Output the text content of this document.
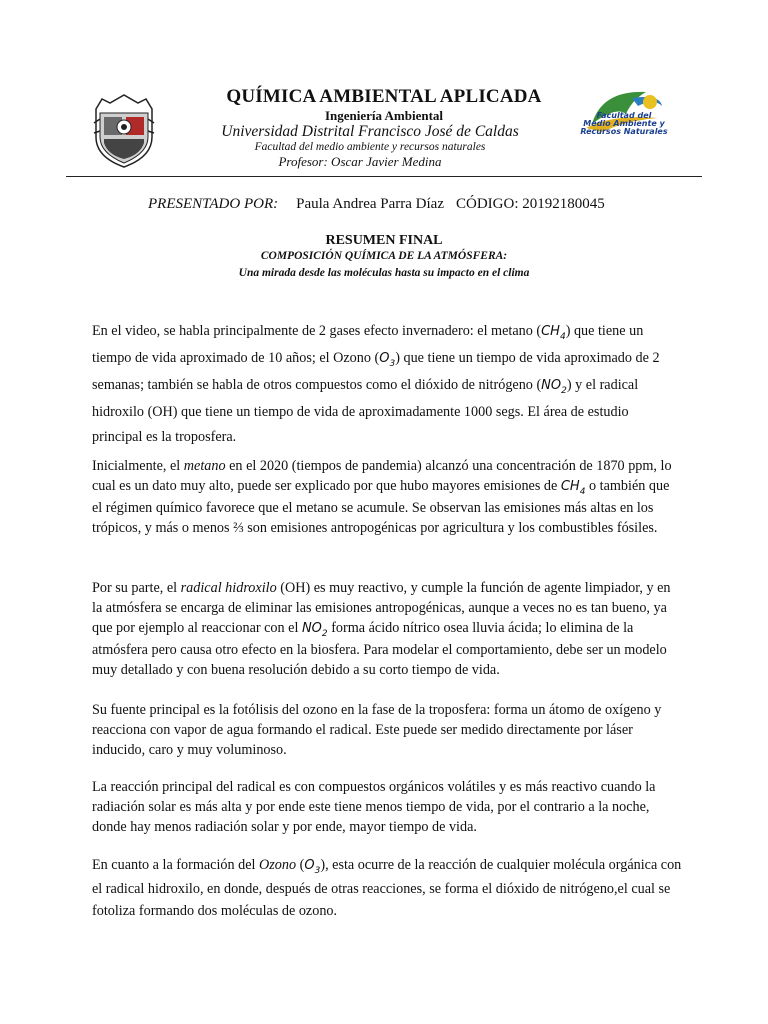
Facultad del
Medio Ambiente y
Recursos Naturales
QUÍMICA AMBIENTAL APLICADA
Ingeniería Ambiental
Universidad Distrital Francisco José de Caldas
Facultad del medio ambiente y recursos naturales
Profesor: Oscar Javier Medina
PRESENTADO POR: Paula Andrea Parra Díaz CÓDIGO: 20192180045
RESUMEN FINAL
COMPOSICIÓN QUÍMICA DE LA ATMÓSFERA:
Una mirada desde las moléculas hasta su impacto en el clima
En el video, se habla principalmente de 2 gases efecto invernadero: el metano $(CH_4)$ que tiene un tiempo de vida aproximado de 10 años; el Ozono $(O_3)$ que tiene un tiempo de vida aproximado de 2 semanas; también se habla de otros compuestos como el dióxido de nitrógeno $(NO_2)$ y el radical hidroxilo (OH) que tiene un tiempo de vida de aproximadamente 1000 segs. El área de estudio principal es la troposfera.
Inicialmente, el metano en el 2020 (tiempos de pandemia) alcanzó una concentración de 1870 ppm, lo cual es un dato muy alto, puede ser explicado por que hubo mayores emisiones de $CH_4$ o también que el régimen químico favorece que el metano se acumule. Se observan las emisiones más altas en los trópicos, y más o menos ⅔ son emisiones antropogénicas por agricultura y los combustibles fósiles.
Por su parte, el radical hidroxilo (OH) es muy reactivo, y cumple la función de agente limpiador, y en la atmósfera se encarga de eliminar las emisiones antropogénicas, aunque a veces no es tan bueno, ya que por ejemplo al reaccionar con el $NO_2$ forma ácido nítrico osea lluvia ácida; lo elimina de la atmósfera pero causa otro efecto en la biosfera. Para modelar el comportamiento, debe ser un modelo muy detallado y con buena resolución debido a su corto tiempo de vida.
Su fuente principal es la fotólisis del ozono en la fase de la troposfera: forma un átomo de oxígeno y reacciona con vapor de agua formando el radical. Este puede ser medido directamente por láser inducido, caro y muy voluminoso.
La reacción principal del radical es con compuestos orgánicos volátiles y es más reactivo cuando la radiación solar es más alta y por ende este tiene menos tiempo de vida, por el contrario a la noche, donde hay menos radiación solar y por ende, mayor tiempo de vida.
En cuanto a la formación del Ozono $(O_3)$, esta ocurre de la reacción de cualquier molécula orgánica con el radical hidroxilo, en donde, después de otras reacciones, se forma el dióxido de nitrógeno,el cual se fotoliza formando dos moléculas de ozono.
